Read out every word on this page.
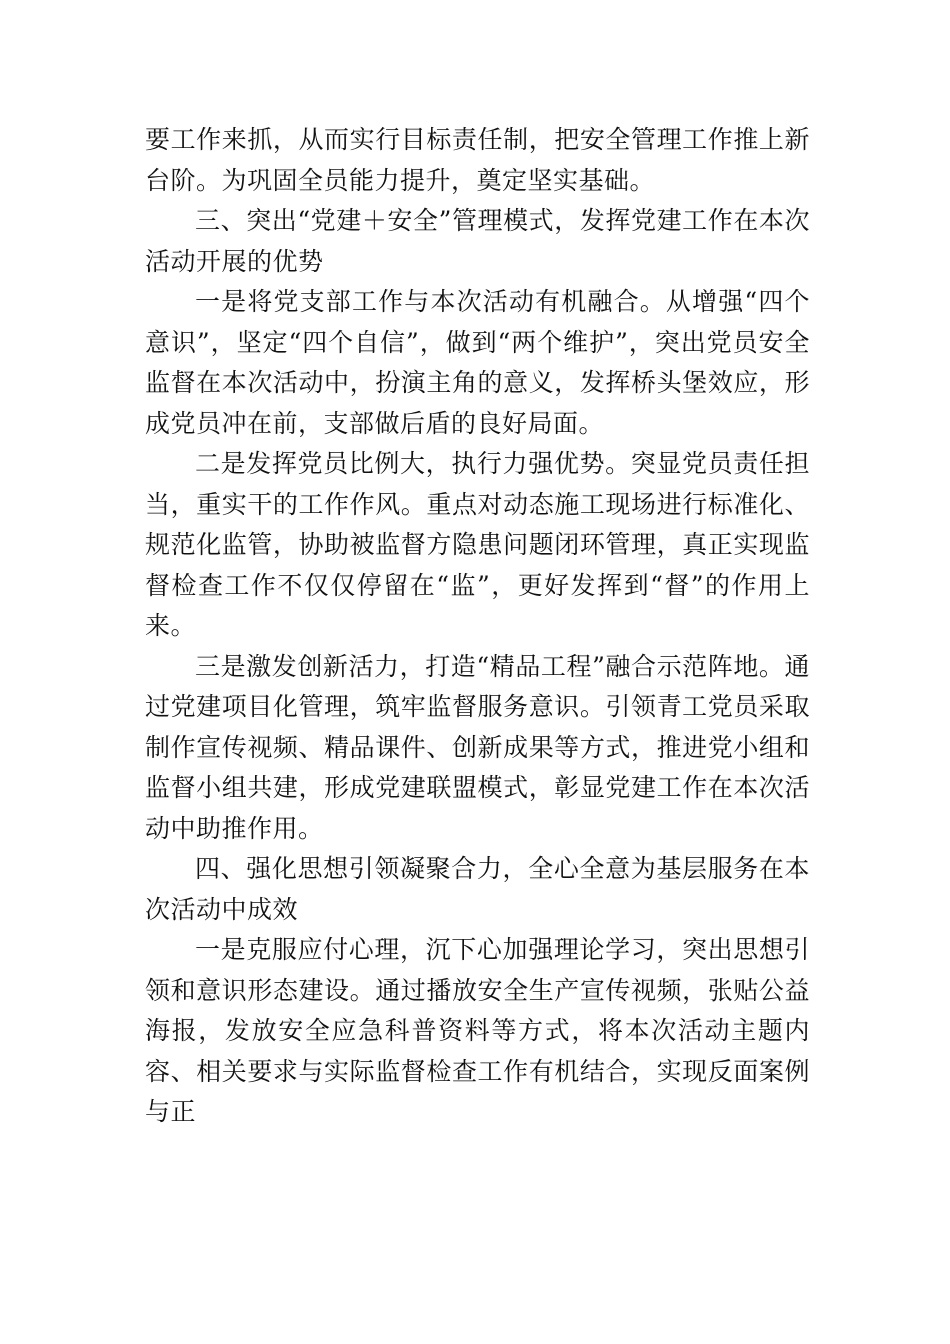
要工作来抓，从而实行目标责任制，把安全管理工作推上新台阶。为巩固全员能力提升，奠定坚实基础。

三、突出“党建＋安全”管理模式，发挥党建工作在本次活动开展的优势

一是将党支部工作与本次活动有机融合。从增强“四个意识”，坚定“四个自信”，做到“两个维护”，突出党员安全监督在本次活动中，扮演主角的意义，发挥桥头堡效应，形成党员冲在前，支部做后盾的良好局面。

二是发挥党员比例大，执行力强优势。突显党员责任担当，重实干的工作作风。重点对动态施工现场进行标准化、 规范化监管，协助被监督方隐患问题闭环管理，真正实现监督检查工作不仅仅停留在“监”，更好发挥到“督”的作用上来。

三是激发创新活力，打造“精品工程”融合示范阵地。通过党建项目化管理，筑牢监督服务意识。引领青工党员采取制作宣传视频、精品课件、创新成果等方式，推进党小组和监督小组共建，形成党建联盟模式，彰显党建工作在本次活动中助推作用。

四、强化思想引领凝聚合力，全心全意为基层服务在本次活动中成效

一是克服应付心理，沉下心加强理论学习，突出思想引领和意识形态建设。通过播放安全生产宣传视频，张贴公益海报，发放安全应急科普资料等方式，将本次活动主题内容、相关要求与实际监督检查工作有机结合，实现反面案例与正
